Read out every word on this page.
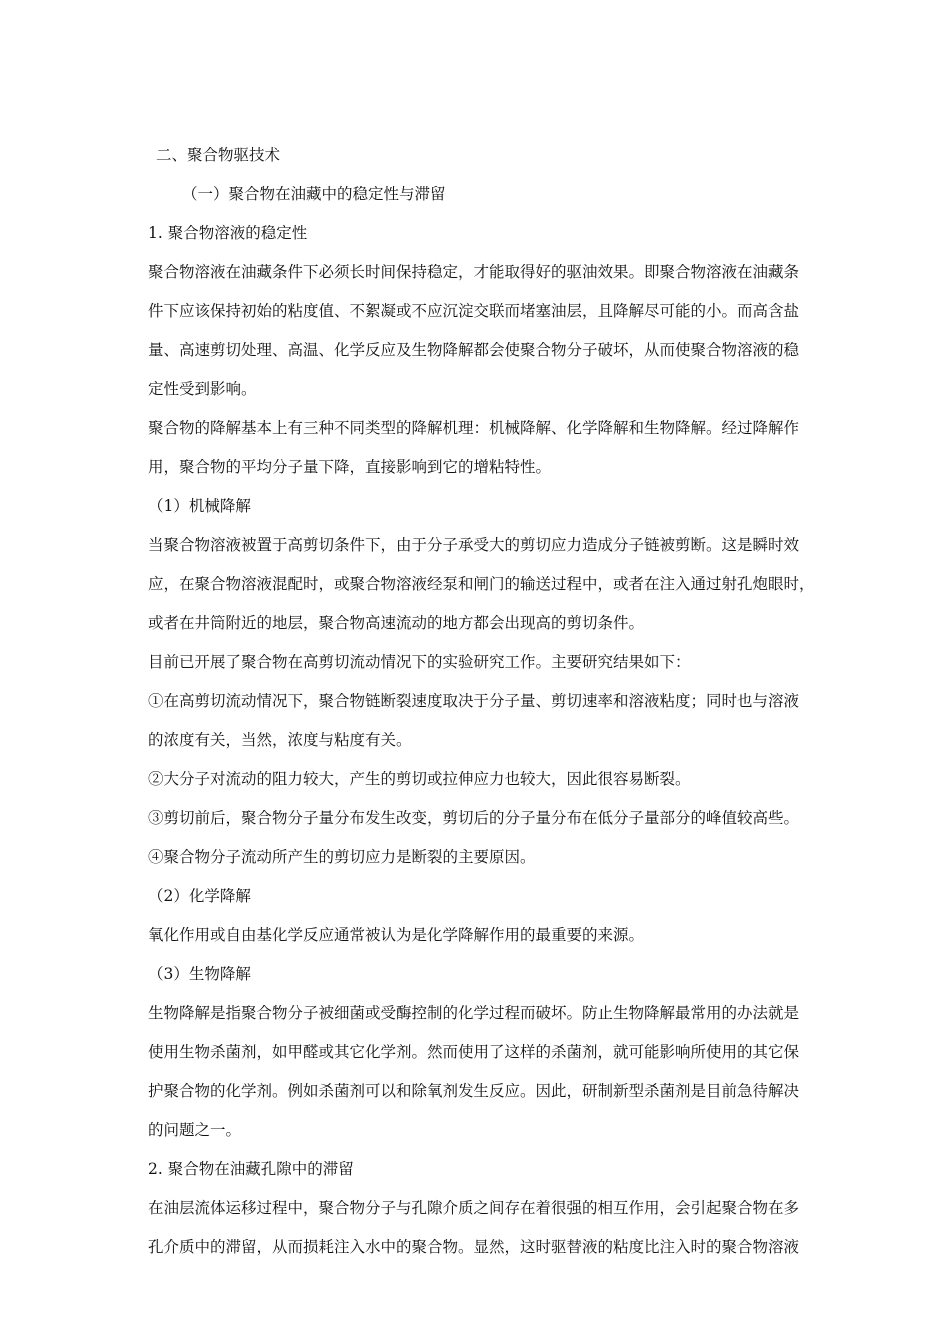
二、聚合物驱技术
（一）聚合物在油藏中的稳定性与滞留
1. 聚合物溶液的稳定性
聚合物溶液在油藏条件下必须长时间保持稳定，才能取得好的驱油效果。即聚合物溶液在油藏条
件下应该保持初始的粘度值、不絮凝或不应沉淀交联而堵塞油层，且降解尽可能的小。而高含盐
量、高速剪切处理、高温、化学反应及生物降解都会使聚合物分子破坏，从而使聚合物溶液的稳
定性受到影响。
聚合物的降解基本上有三种不同类型的降解机理：机械降解、化学降解和生物降解。经过降解作
用，聚合物的平均分子量下降，直接影响到它的增粘特性。
（1）机械降解
当聚合物溶液被置于高剪切条件下，由于分子承受大的剪切应力造成分子链被剪断。这是瞬时效
应，在聚合物溶液混配时，或聚合物溶液经泵和闸门的输送过程中，或者在注入通过射孔炮眼时，
或者在井筒附近的地层，聚合物高速流动的地方都会出现高的剪切条件。
目前已开展了聚合物在高剪切流动情况下的实验研究工作。主要研究结果如下：
①在高剪切流动情况下，聚合物链断裂速度取决于分子量、剪切速率和溶液粘度；同时也与溶液
的浓度有关，当然，浓度与粘度有关。
②大分子对流动的阻力较大，产生的剪切或拉伸应力也较大，因此很容易断裂。
③剪切前后，聚合物分子量分布发生改变，剪切后的分子量分布在低分子量部分的峰值较高些。
④聚合物分子流动所产生的剪切应力是断裂的主要原因。
（2）化学降解
氧化作用或自由基化学反应通常被认为是化学降解作用的最重要的来源。
（3）生物降解
生物降解是指聚合物分子被细菌或受酶控制的化学过程而破坏。防止生物降解最常用的办法就是
使用生物杀菌剂，如甲醛或其它化学剂。然而使用了这样的杀菌剂，就可能影响所使用的其它保
护聚合物的化学剂。例如杀菌剂可以和除氧剂发生反应。因此，研制新型杀菌剂是目前急待解决
的问题之一。
2. 聚合物在油藏孔隙中的滞留
在油层流体运移过程中，聚合物分子与孔隙介质之间存在着很强的相互作用，会引起聚合物在多
孔介质中的滞留，从而损耗注入水中的聚合物。显然，这时驱替液的粘度比注入时的聚合物溶液
